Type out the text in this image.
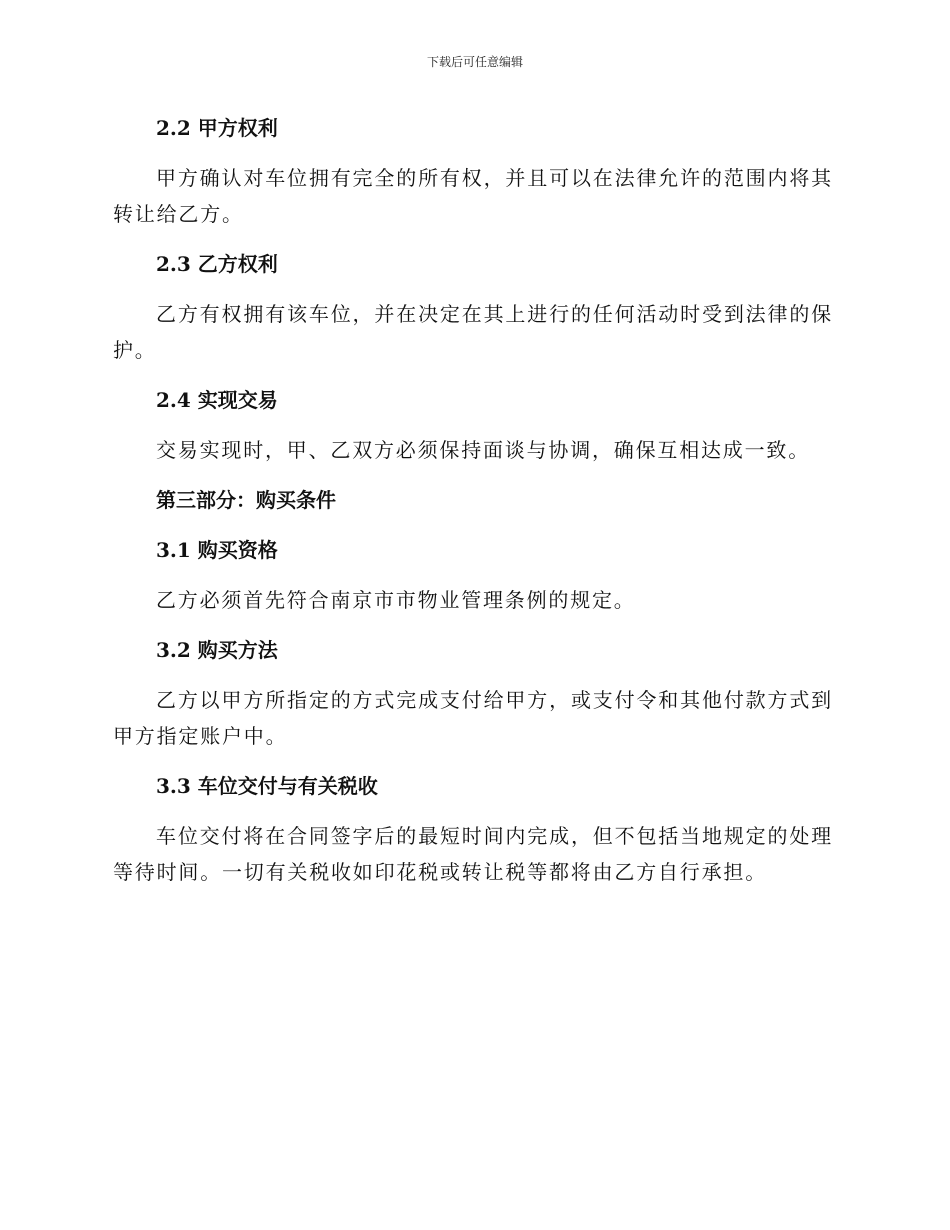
下载后可任意编辑
2.2 甲方权利

甲方确认对车位拥有完全的所有权，并且可以在法律允许的范围内将其转让给乙方。

2.3 乙方权利

乙方有权拥有该车位，并在决定在其上进行的任何活动时受到法律的保护。

2.4 实现交易

交易实现时，甲、乙双方必须保持面谈与协调，确保互相达成一致。

第三部分：购买条件
3.1 购买资格

乙方必须首先符合南京市市物业管理条例的规定。

3.2 购买方法

乙方以甲方所指定的方式完成支付给甲方，或支付令和其他付款方式到甲方指定账户中。

3.3 车位交付与有关税收

车位交付将在合同签字后的最短时间内完成，但不包括当地规定的处理等待时间。一切有关税收如印花税或转让税等都将由乙方自行承担。
